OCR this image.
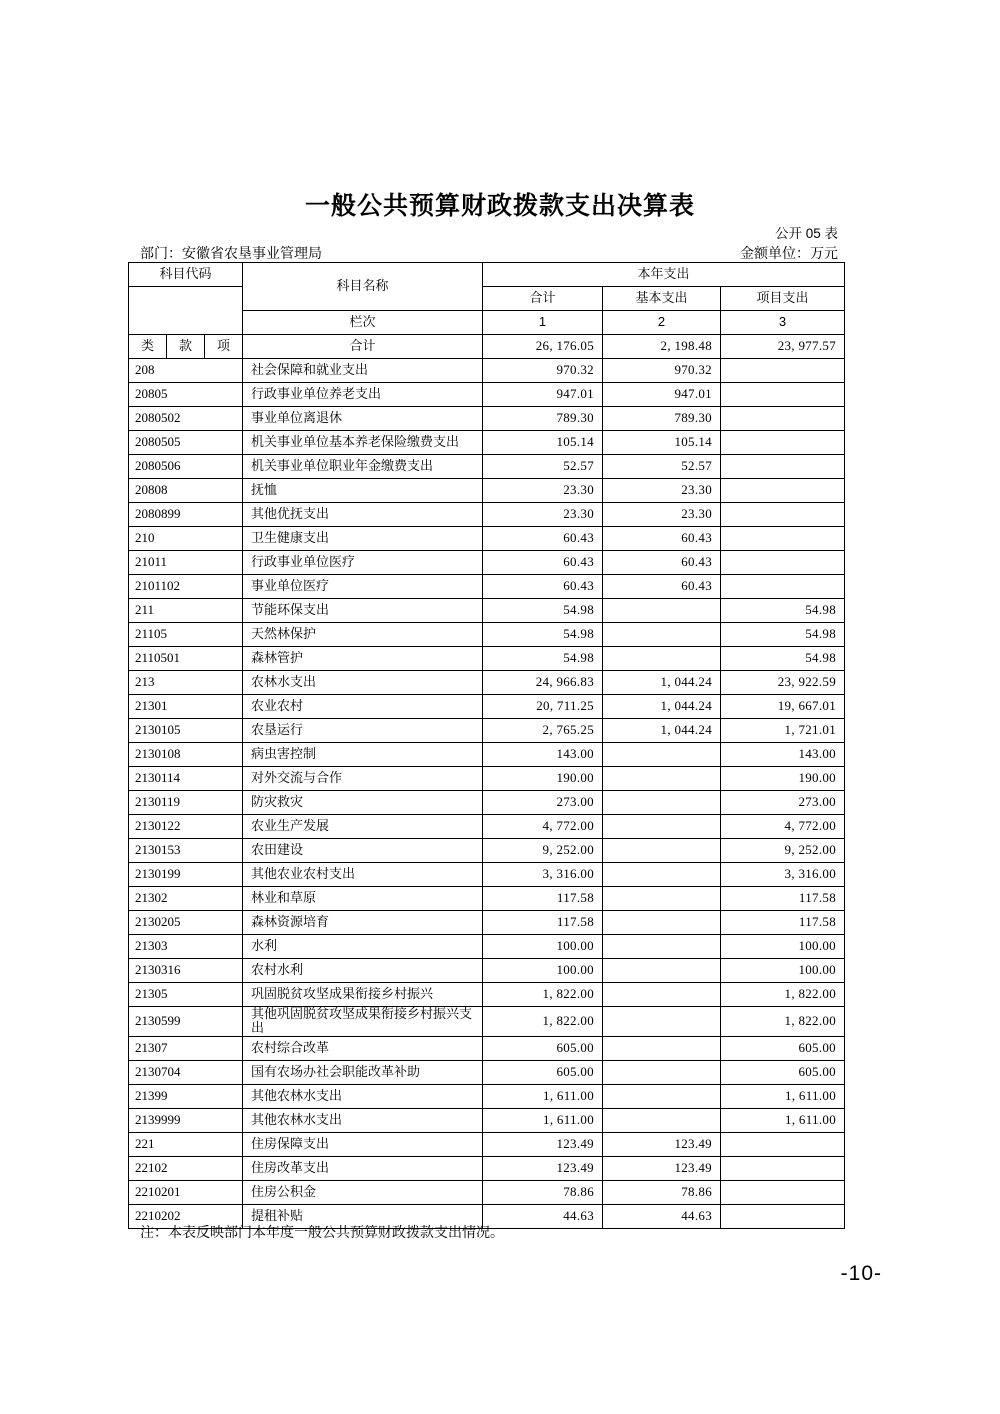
一般公共预算财政拨款支出决算表
公开 05 表
部门：安徽省农垦事业管理局	金额单位：万元
科目代码			科目名称	本年支出		
				合计	基本支出	项目支出
			栏次	1	2	3
类	款	项	合计	26, 176.05	2, 198.48	23, 977.57
208			社会保障和就业支出	970.32	970.32	
20805			行政事业单位养老支出	947.01	947.01	
2080502			事业单位离退休	789.30	789.30	
2080505			机关事业单位基本养老保险缴费支出	105.14	105.14	
2080506			机关事业单位职业年金缴费支出	52.57	52.57	
20808			抚恤	23.30	23.30	
2080899			其他优抚支出	23.30	23.30	
210			卫生健康支出	60.43	60.43	
21011			行政事业单位医疗	60.43	60.43	
2101102			事业单位医疗	60.43	60.43	
211			节能环保支出	54.98		54.98
21105			天然林保护	54.98		54.98
2110501			森林管护	54.98		54.98
213			农林水支出	24, 966.83	1, 044.24	23, 922.59
21301			农业农村	20, 711.25	1, 044.24	19, 667.01
2130105			农垦运行	2, 765.25	1, 044.24	1, 721.01
2130108			病虫害控制	143.00		143.00
2130114			对外交流与合作	190.00		190.00
2130119			防灾救灾	273.00		273.00
2130122			农业生产发展	4, 772.00		4, 772.00
2130153			农田建设	9, 252.00		9, 252.00
2130199			其他农业农村支出	3, 316.00		3, 316.00
21302			林业和草原	117.58		117.58
2130205			森林资源培育	117.58		117.58
21303			水利	100.00		100.00
2130316			农村水利	100.00		100.00
21305			巩固脱贫攻坚成果衔接乡村振兴	1, 822.00		1, 822.00
2130599			其他巩固脱贫攻坚成果衔接乡村振兴支出	1, 822.00		1, 822.00
21307			农村综合改革	605.00		605.00
2130704			国有农场办社会职能改革补助	605.00		605.00
21399			其他农林水支出	1, 611.00		1, 611.00
2139999			其他农林水支出	1, 611.00		1, 611.00
221			住房保障支出	123.49	123.49	
22102			住房改革支出	123.49	123.49	
2210201			住房公积金	78.86	78.86	
2210202			提租补贴	44.63	44.63	
注：本表反映部门本年度一般公共预算财政拨款支出情况。
-10-
